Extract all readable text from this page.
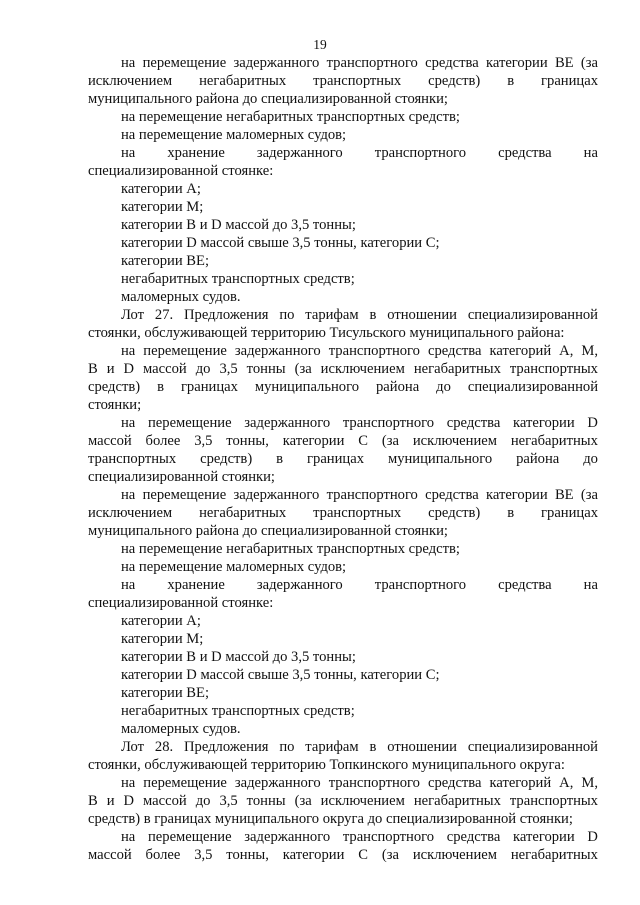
19
на перемещение задержанного транспортного средства категории BE (за
исключением негабаритных транспортных средств) в границах
муниципального района до специализированной стоянки;
на перемещение негабаритных транспортных средств;
на перемещение маломерных судов;
на хранение задержанного транспортного средства на
специализированной стоянке:
категории А;
категории М;
категории В и D массой до 3,5 тонны;
категории D массой свыше 3,5 тонны, категории С;
категории ВЕ;
негабаритных транспортных средств;
маломерных судов.
Лот 27. Предложения по тарифам в отношении специализированной
стоянки, обслуживающей территорию Тисульского муниципального района:
на перемещение задержанного транспортного средства категорий А, М,
В и D массой до 3,5 тонны (за исключением негабаритных транспортных
средств) в границах муниципального района до специализированной
стоянки;
на перемещение задержанного транспортного средства категории D
массой более 3,5 тонны, категории С (за исключением негабаритных
транспортных средств) в границах муниципального района до
специализированной стоянки;
на перемещение задержанного транспортного средства категории BE (за
исключением негабаритных транспортных средств) в границах
муниципального района до специализированной стоянки;
на перемещение негабаритных транспортных средств;
на перемещение маломерных судов;
на хранение задержанного транспортного средства на
специализированной стоянке:
категории А;
категории М;
категории В и D массой до 3,5 тонны;
категории D массой свыше 3,5 тонны, категории С;
категории ВЕ;
негабаритных транспортных средств;
маломерных судов.
Лот 28. Предложения по тарифам в отношении специализированной
стоянки, обслуживающей территорию Топкинского муниципального округа:
на перемещение задержанного транспортного средства категорий А, М,
В и D массой до 3,5 тонны (за исключением негабаритных транспортных
средств) в границах муниципального округа до специализированной стоянки;
на перемещение задержанного транспортного средства категории D
массой более 3,5 тонны, категории С (за исключением негабаритных
